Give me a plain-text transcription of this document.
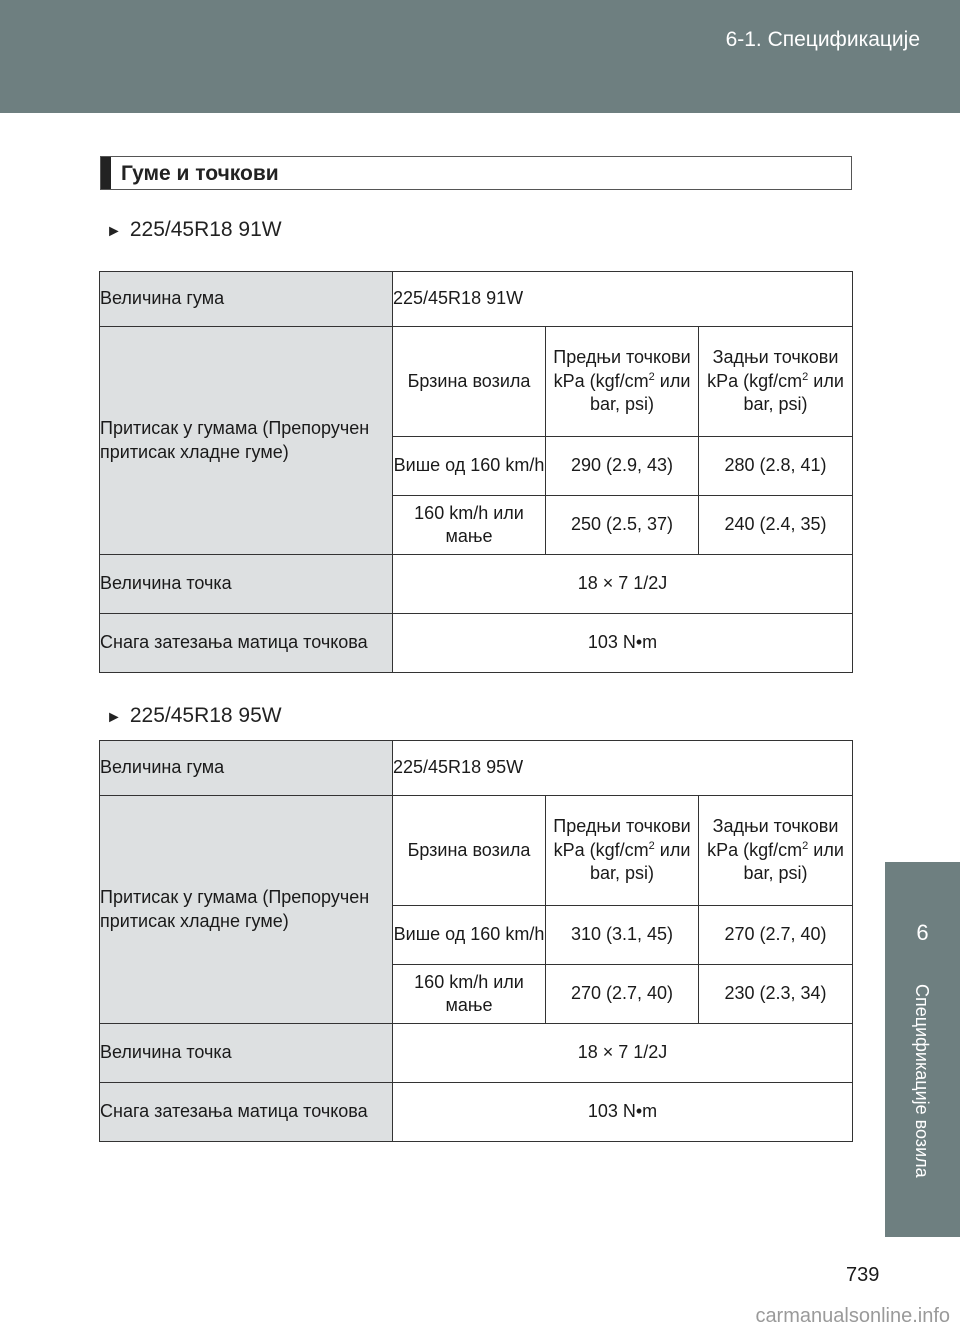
6-1. Спецификације
6
Спецификације возила
Гуме и точкови
► 225/45R18 91W
Величина гума	225/45R18 91W		
Притисак у гумама (Препоручен притисак хладне гуме)	Брзина возила	Предњи точкови kPa ($kgf/cm^2$ или bar, psi)	Задњи точкови kPa ($kgf/cm^2$ или bar, psi)
	Више од 160 km/h	290 (2.9, 43)	280 (2.8, 41)
	160 km/h или мање	250 (2.5, 37)	240 (2.4, 35)
Величина точка	18 × 7 1/2J		
Снага затезања матица точкова	103 N•m		
► 225/45R18 95W
Величина гума	225/45R18 95W		
Притисак у гумама (Препоручен притисак хладне гуме)	Брзина возила	Предњи точкови kPa ($kgf/cm^2$ или bar, psi)	Задњи точкови kPa ($kgf/cm^2$ или bar, psi)
	Више од 160 km/h	310 (3.1, 45)	270 (2.7, 40)
	160 km/h или мање	270 (2.7, 40)	230 (2.3, 34)
Величина точка	18 × 7 1/2J		
Снага затезања матица точкова	103 N•m		
739
carmanualsonline.info
